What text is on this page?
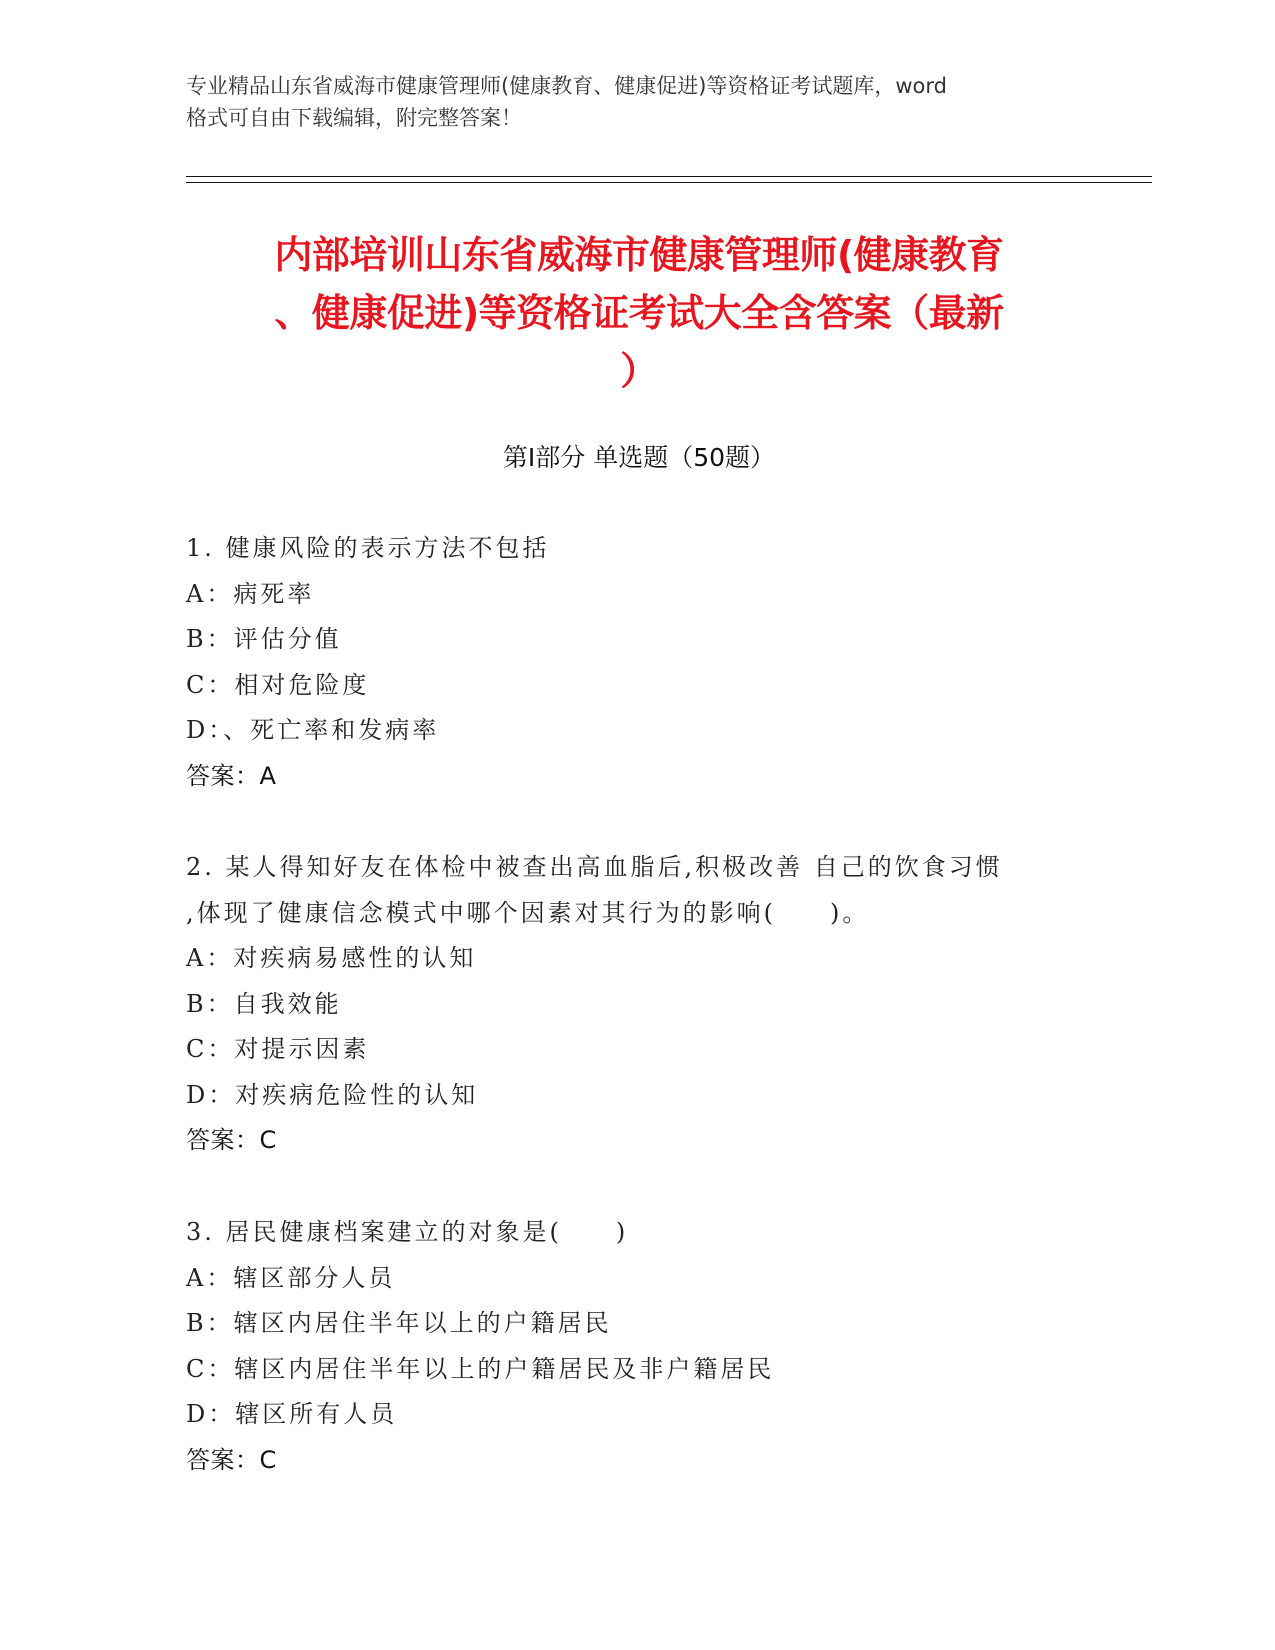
专业精品山东省威海市健康管理师(健康教育、健康促进)等资格证考试题库，word
格式可自由下载编辑，附完整答案！
内部培训山东省威海市健康管理师(健康教育
、健康促进)等资格证考试大全含答案（最新
）
第Ⅰ部分 单选题（50题）
1. 健康风险的表示方法不包括
A：病死率
B：评估分值
C：相对危险度
D：、死亡率和发病率
答案：A
2. 某人得知好友在体检中被查出高血脂后,积极改善 自己的饮食习惯
,体现了健康信念模式中哪个因素对其行为的影响(　　)。
A：对疾病易感性的认知
B：自我效能
C：对提示因素
D：对疾病危险性的认知
答案：C
3. 居民健康档案建立的对象是(　　)
A：辖区部分人员
B：辖区内居住半年以上的户籍居民
C：辖区内居住半年以上的户籍居民及非户籍居民
D：辖区所有人员
答案：C
